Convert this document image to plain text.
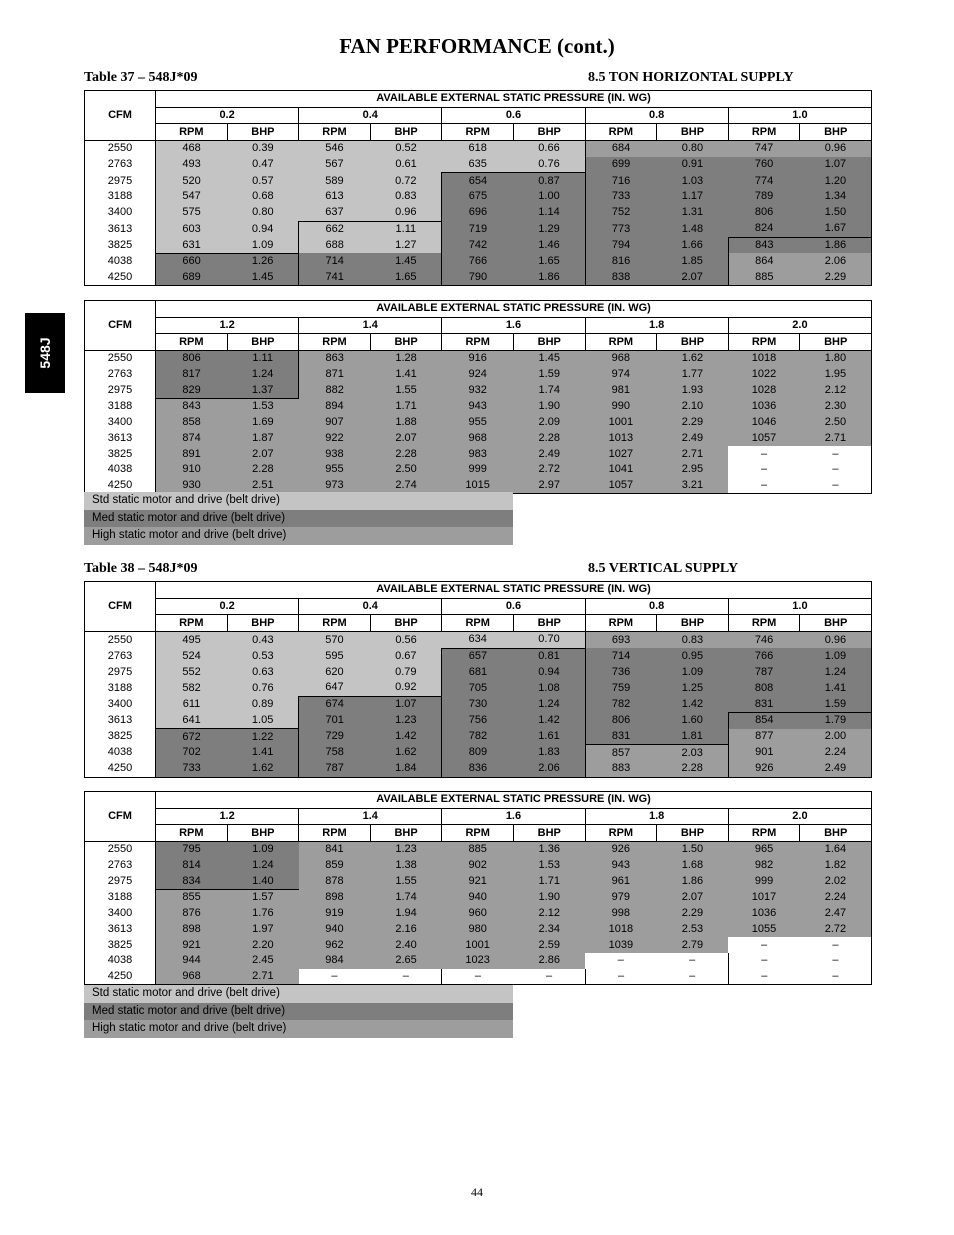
FAN PERFORMANCE (cont.)
548J
Table 37 – 548J*09	8.5 TON HORIZONTAL SUPPLY
CFM	AVAILABLE EXTERNAL STATIC PRESSURE (IN. WG)									
	0.2		0.4		0.6		0.8		1.0	
	RPM	BHP	RPM	BHP	RPM	BHP	RPM	BHP	RPM	BHP
2550	468	0.39	546	0.52	618	0.66	684	0.80	747	0.96
2763	493	0.47	567	0.61	635	0.76	699	0.91	760	1.07
2975	520	0.57	589	0.72	654	0.87	716	1.03	774	1.20
3188	547	0.68	613	0.83	675	1.00	733	1.17	789	1.34
3400	575	0.80	637	0.96	696	1.14	752	1.31	806	1.50
3613	603	0.94	662	1.11	719	1.29	773	1.48	824	1.67
3825	631	1.09	688	1.27	742	1.46	794	1.66	843	1.86
4038	660	1.26	714	1.45	766	1.65	816	1.85	864	2.06
4250	689	1.45	741	1.65	790	1.86	838	2.07	885	2.29
CFM	AVAILABLE EXTERNAL STATIC PRESSURE (IN. WG)									
	1.2		1.4		1.6		1.8		2.0	
	RPM	BHP	RPM	BHP	RPM	BHP	RPM	BHP	RPM	BHP
2550	806	1.11	863	1.28	916	1.45	968	1.62	1018	1.80
2763	817	1.24	871	1.41	924	1.59	974	1.77	1022	1.95
2975	829	1.37	882	1.55	932	1.74	981	1.93	1028	2.12
3188	843	1.53	894	1.71	943	1.90	990	2.10	1036	2.30
3400	858	1.69	907	1.88	955	2.09	1001	2.29	1046	2.50
3613	874	1.87	922	2.07	968	2.28	1013	2.49	1057	2.71
3825	891	2.07	938	2.28	983	2.49	1027	2.71	–	–
4038	910	2.28	955	2.50	999	2.72	1041	2.95	–	–
4250	930	2.51	973	2.74	1015	2.97	1057	3.21	–	–
Std static motor and drive (belt drive)
Med static motor and drive (belt drive)
High static motor and drive (belt drive)
Table 38 – 548J*09	8.5 VERTICAL SUPPLY
CFM	AVAILABLE EXTERNAL STATIC PRESSURE (IN. WG)									
	0.2		0.4		0.6		0.8		1.0	
	RPM	BHP	RPM	BHP	RPM	BHP	RPM	BHP	RPM	BHP
2550	495	0.43	570	0.56	634	0.70	693	0.83	746	0.96
2763	524	0.53	595	0.67	657	0.81	714	0.95	766	1.09
2975	552	0.63	620	0.79	681	0.94	736	1.09	787	1.24
3188	582	0.76	647	0.92	705	1.08	759	1.25	808	1.41
3400	611	0.89	674	1.07	730	1.24	782	1.42	831	1.59
3613	641	1.05	701	1.23	756	1.42	806	1.60	854	1.79
3825	672	1.22	729	1.42	782	1.61	831	1.81	877	2.00
4038	702	1.41	758	1.62	809	1.83	857	2.03	901	2.24
4250	733	1.62	787	1.84	836	2.06	883	2.28	926	2.49
CFM	AVAILABLE EXTERNAL STATIC PRESSURE (IN. WG)									
	1.2		1.4		1.6		1.8		2.0	
	RPM	BHP	RPM	BHP	RPM	BHP	RPM	BHP	RPM	BHP
2550	795	1.09	841	1.23	885	1.36	926	1.50	965	1.64
2763	814	1.24	859	1.38	902	1.53	943	1.68	982	1.82
2975	834	1.40	878	1.55	921	1.71	961	1.86	999	2.02
3188	855	1.57	898	1.74	940	1.90	979	2.07	1017	2.24
3400	876	1.76	919	1.94	960	2.12	998	2.29	1036	2.47
3613	898	1.97	940	2.16	980	2.34	1018	2.53	1055	2.72
3825	921	2.20	962	2.40	1001	2.59	1039	2.79	–	–
4038	944	2.45	984	2.65	1023	2.86	–	–	–	–
4250	968	2.71	–	–	–	–	–	–	–	–
Std static motor and drive (belt drive)
Med static motor and drive (belt drive)
High static motor and drive (belt drive)
44
